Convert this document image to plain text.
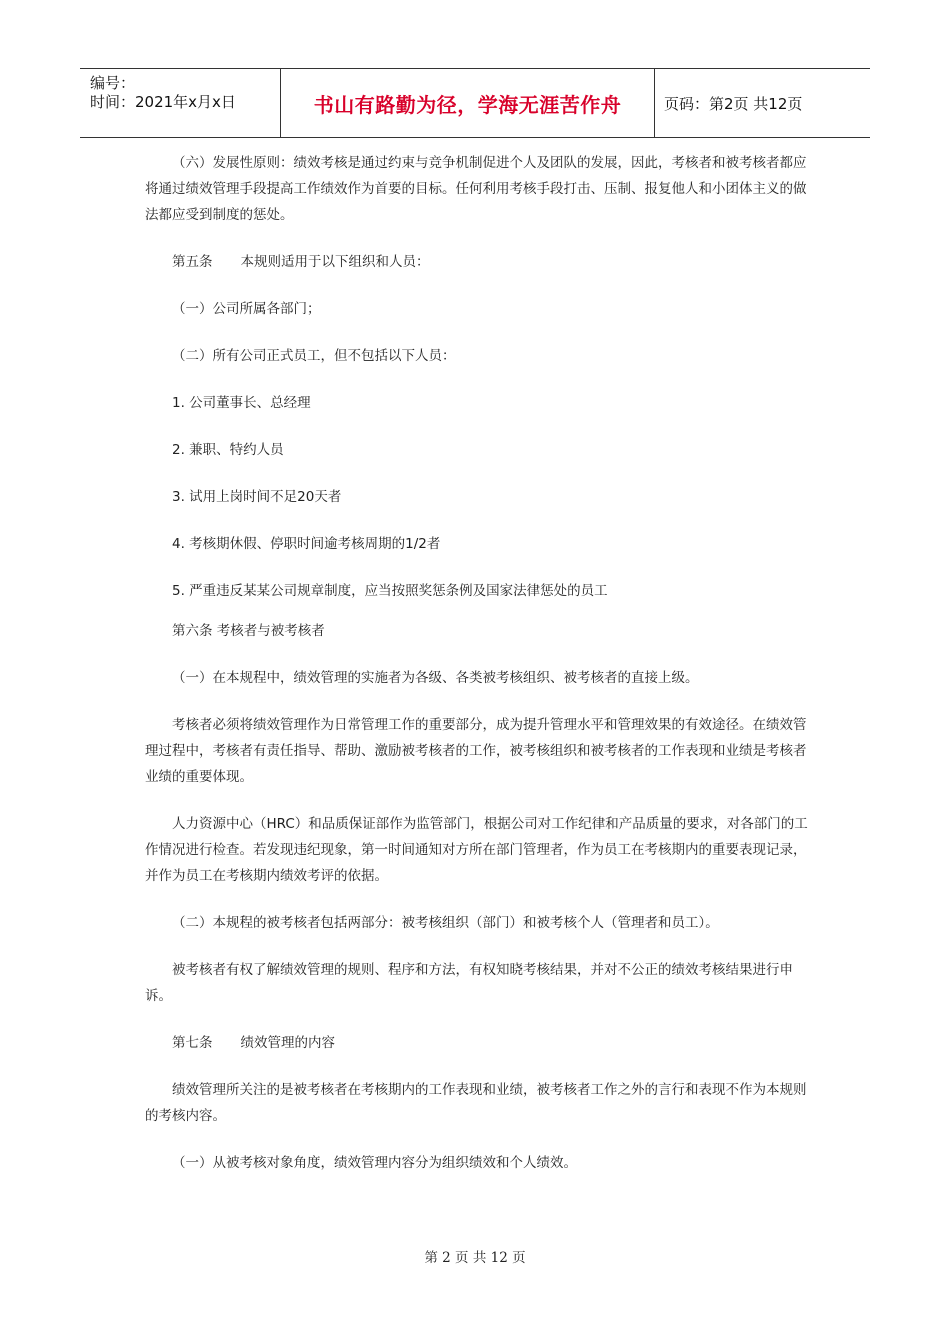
编号：
时间：2021年x月x日	书山有路勤为径，学海无涯苦作舟	页码：第2页 共12页

（六）发展性原则：绩效考核是通过约束与竞争机制促进个人及团队的发展，因此，考核者和被考核者都应将通过绩效管理手段提高工作绩效作为首要的目标。任何利用考核手段打击、压制、报复他人和小团体主义的做法都应受到制度的惩处。

第五条 本规则适用于以下组织和人员：

（一）公司所属各部门；

（二）所有公司正式员工，但不包括以下人员：

1. 公司董事长、总经理

2. 兼职、特约人员

3. 试用上岗时间不足20天者

4. 考核期休假、停职时间逾考核周期的1/2者

5. 严重违反某某公司规章制度，应当按照奖惩条例及国家法律惩处的员工

第六条 考核者与被考核者

（一）在本规程中，绩效管理的实施者为各级、各类被考核组织、被考核者的直接上级。

考核者必须将绩效管理作为日常管理工作的重要部分，成为提升管理水平和管理效果的有效途径。在绩效管理过程中，考核者有责任指导、帮助、激励被考核者的工作，被考核组织和被考核者的工作表现和业绩是考核者业绩的重要体现。

人力资源中心（HRC）和品质保证部作为监管部门，根据公司对工作纪律和产品质量的要求，对各部门的工作情况进行检查。若发现违纪现象，第一时间通知对方所在部门管理者，作为员工在考核期内的重要表现记录，并作为员工在考核期内绩效考评的依据。

（二）本规程的被考核者包括两部分：被考核组织（部门）和被考核个人（管理者和员工）。

被考核者有权了解绩效管理的规则、程序和方法，有权知晓考核结果，并对不公正的绩效考核结果进行申诉。

第七条 绩效管理的内容

绩效管理所关注的是被考核者在考核期内的工作表现和业绩，被考核者工作之外的言行和表现不作为本规则的考核内容。

（一）从被考核对象角度，绩效管理内容分为组织绩效和个人绩效。

第 2 页 共 12 页
